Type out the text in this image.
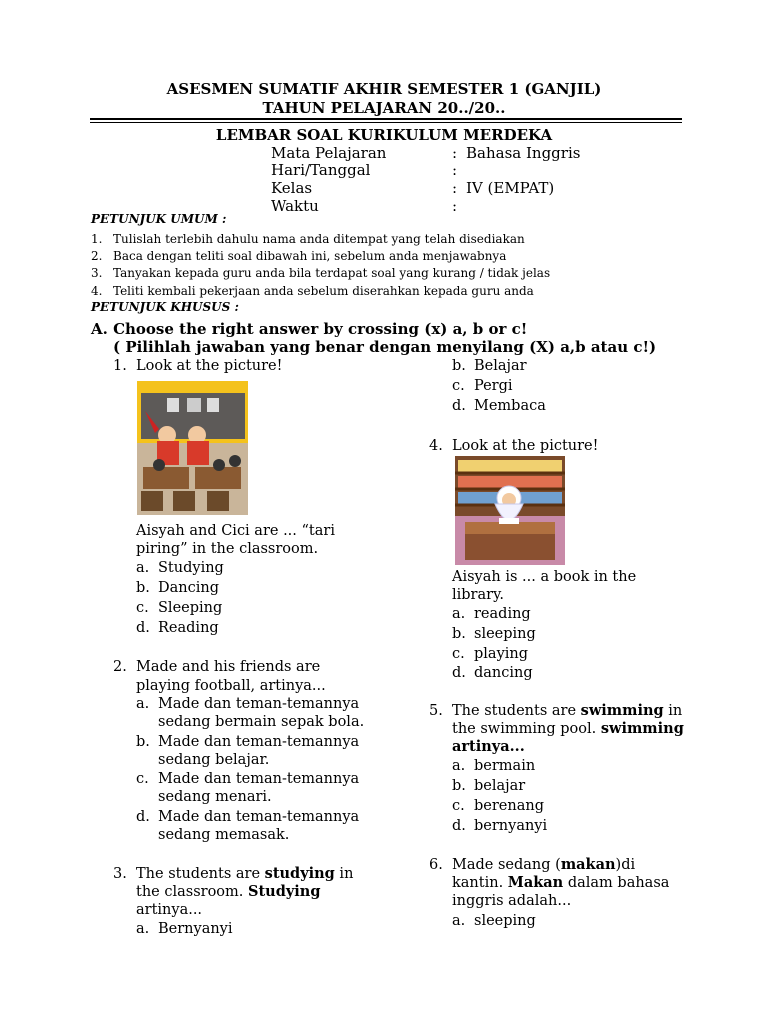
ASESMEN SUMATIF AKHIR SEMESTER 1 (GANJIL)
TAHUN PELAJARAN 20../20..
LEMBAR SOAL KURIKULUM MERDEKA
Mata Pelajaran	: Bahasa Inggris
Hari/Tanggal	:
Kelas	: IV (EMPAT)
Waktu	:
PETUNJUK UMUM :
1. Tulislah terlebih dahulu nama anda ditempat yang telah disediakan
2. Baca dengan teliti soal dibawah ini, sebelum anda menjawabnya
3. Tanyakan kepada guru anda bila terdapat soal yang kurang / tidak jelas
4. Teliti kembali pekerjaan anda sebelum diserahkan kepada guru anda
PETUNJUK KHUSUS :
A. Choose the right answer by crossing (x) a, b or c!
( Pilihlah jawaban yang benar dengan menyilang (X) a,b atau c!)
1. Look at the picture!
Aisyah and Cici are ... “tari
piring” in the classroom.
a. Studying
b. Dancing
c. Sleeping
d. Reading
2. Made and his friends are
playing football, artinya...
a. Made dan teman-temannya
sedang bermain sepak bola.
b. Made dan teman-temannya
sedang belajar.
c. Made dan teman-temannya
sedang menari.
d. Made dan teman-temannya
sedang memasak.
3. The students are studying in
the classroom. Studying
artinya...
a. Bernyanyi
b. Belajar
c. Pergi
d. Membaca
4. Look at the picture!
Aisyah is ... a book in the
library.
a. reading
b. sleeping
c. playing
d. dancing
5. The students are swimming in
the swimming pool. swimming
artinya...
a. bermain
b. belajar
c. berenang
d. bernyanyi
6. Made sedang (makan)di
kantin. Makan dalam bahasa
inggris adalah...
a. sleeping
